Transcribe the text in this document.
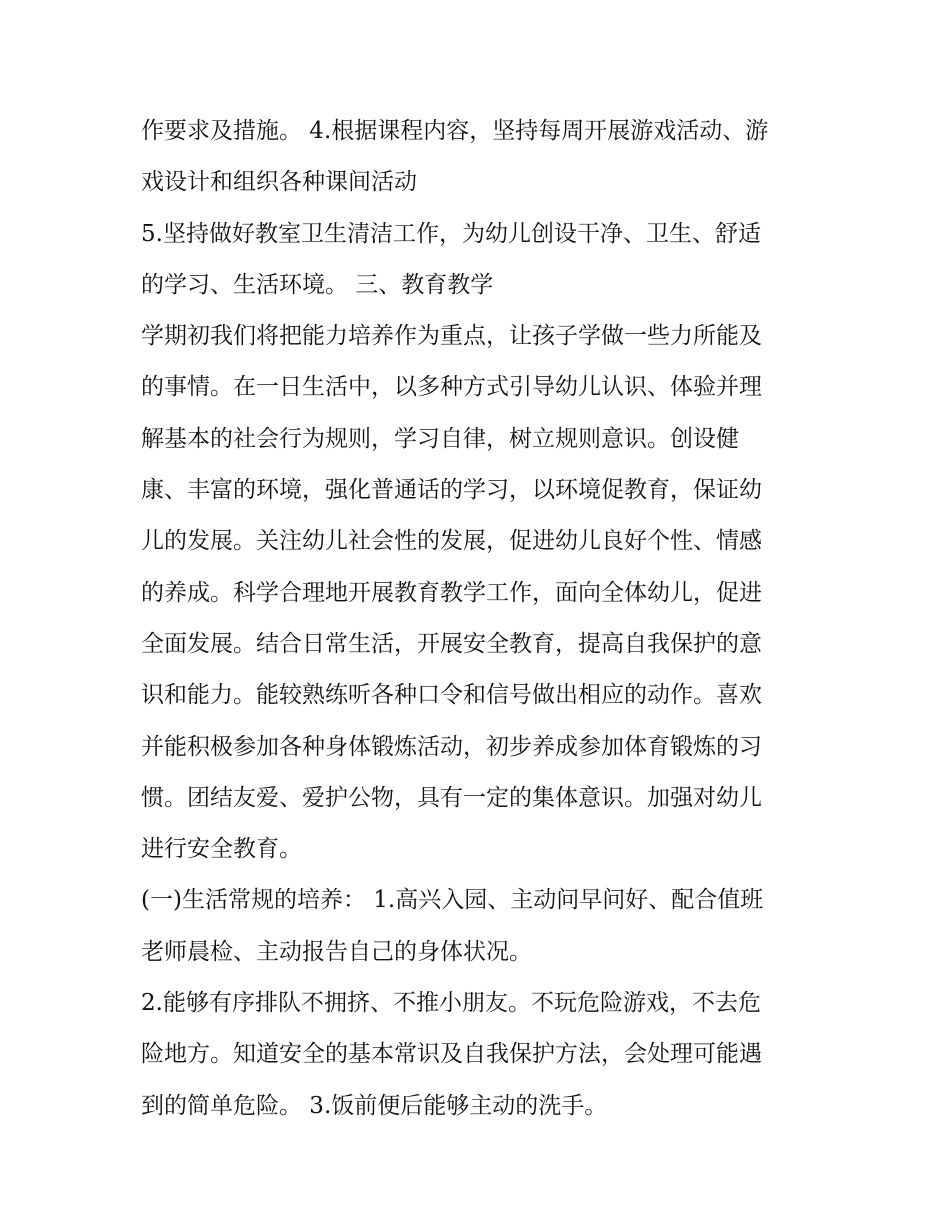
作要求及措施。 4.根据课程内容，坚持每周开展游戏活动、游

戏设计和组织各种课间活动

5.坚持做好教室卫生清洁工作，为幼儿创设干净、卫生、舒适

的学习、生活环境。 三、教育教学

学期初我们将把能力培养作为重点，让孩子学做一些力所能及

的事情。在一日生活中，以多种方式引导幼儿认识、体验并理

解基本的社会行为规则，学习自律，树立规则意识。创设健

康、丰富的环境，强化普通话的学习，以环境促教育，保证幼

儿的发展。关注幼儿社会性的发展，促进幼儿良好个性、情感

的养成。科学合理地开展教育教学工作，面向全体幼儿，促进

全面发展。结合日常生活，开展安全教育，提高自我保护的意

识和能力。能较熟练听各种口令和信号做出相应的动作。喜欢

并能积极参加各种身体锻炼活动，初步养成参加体育锻炼的习

惯。团结友爱、爱护公物，具有一定的集体意识。加强对幼儿

进行安全教育。

(一)生活常规的培养： 1.高兴入园、主动问早问好、配合值班

老师晨检、主动报告自己的身体状况。

2.能够有序排队不拥挤、不推小朋友。不玩危险游戏，不去危

险地方。知道安全的基本常识及自我保护方法，会处理可能遇

到的简单危险。 3.饭前便后能够主动的洗手。
